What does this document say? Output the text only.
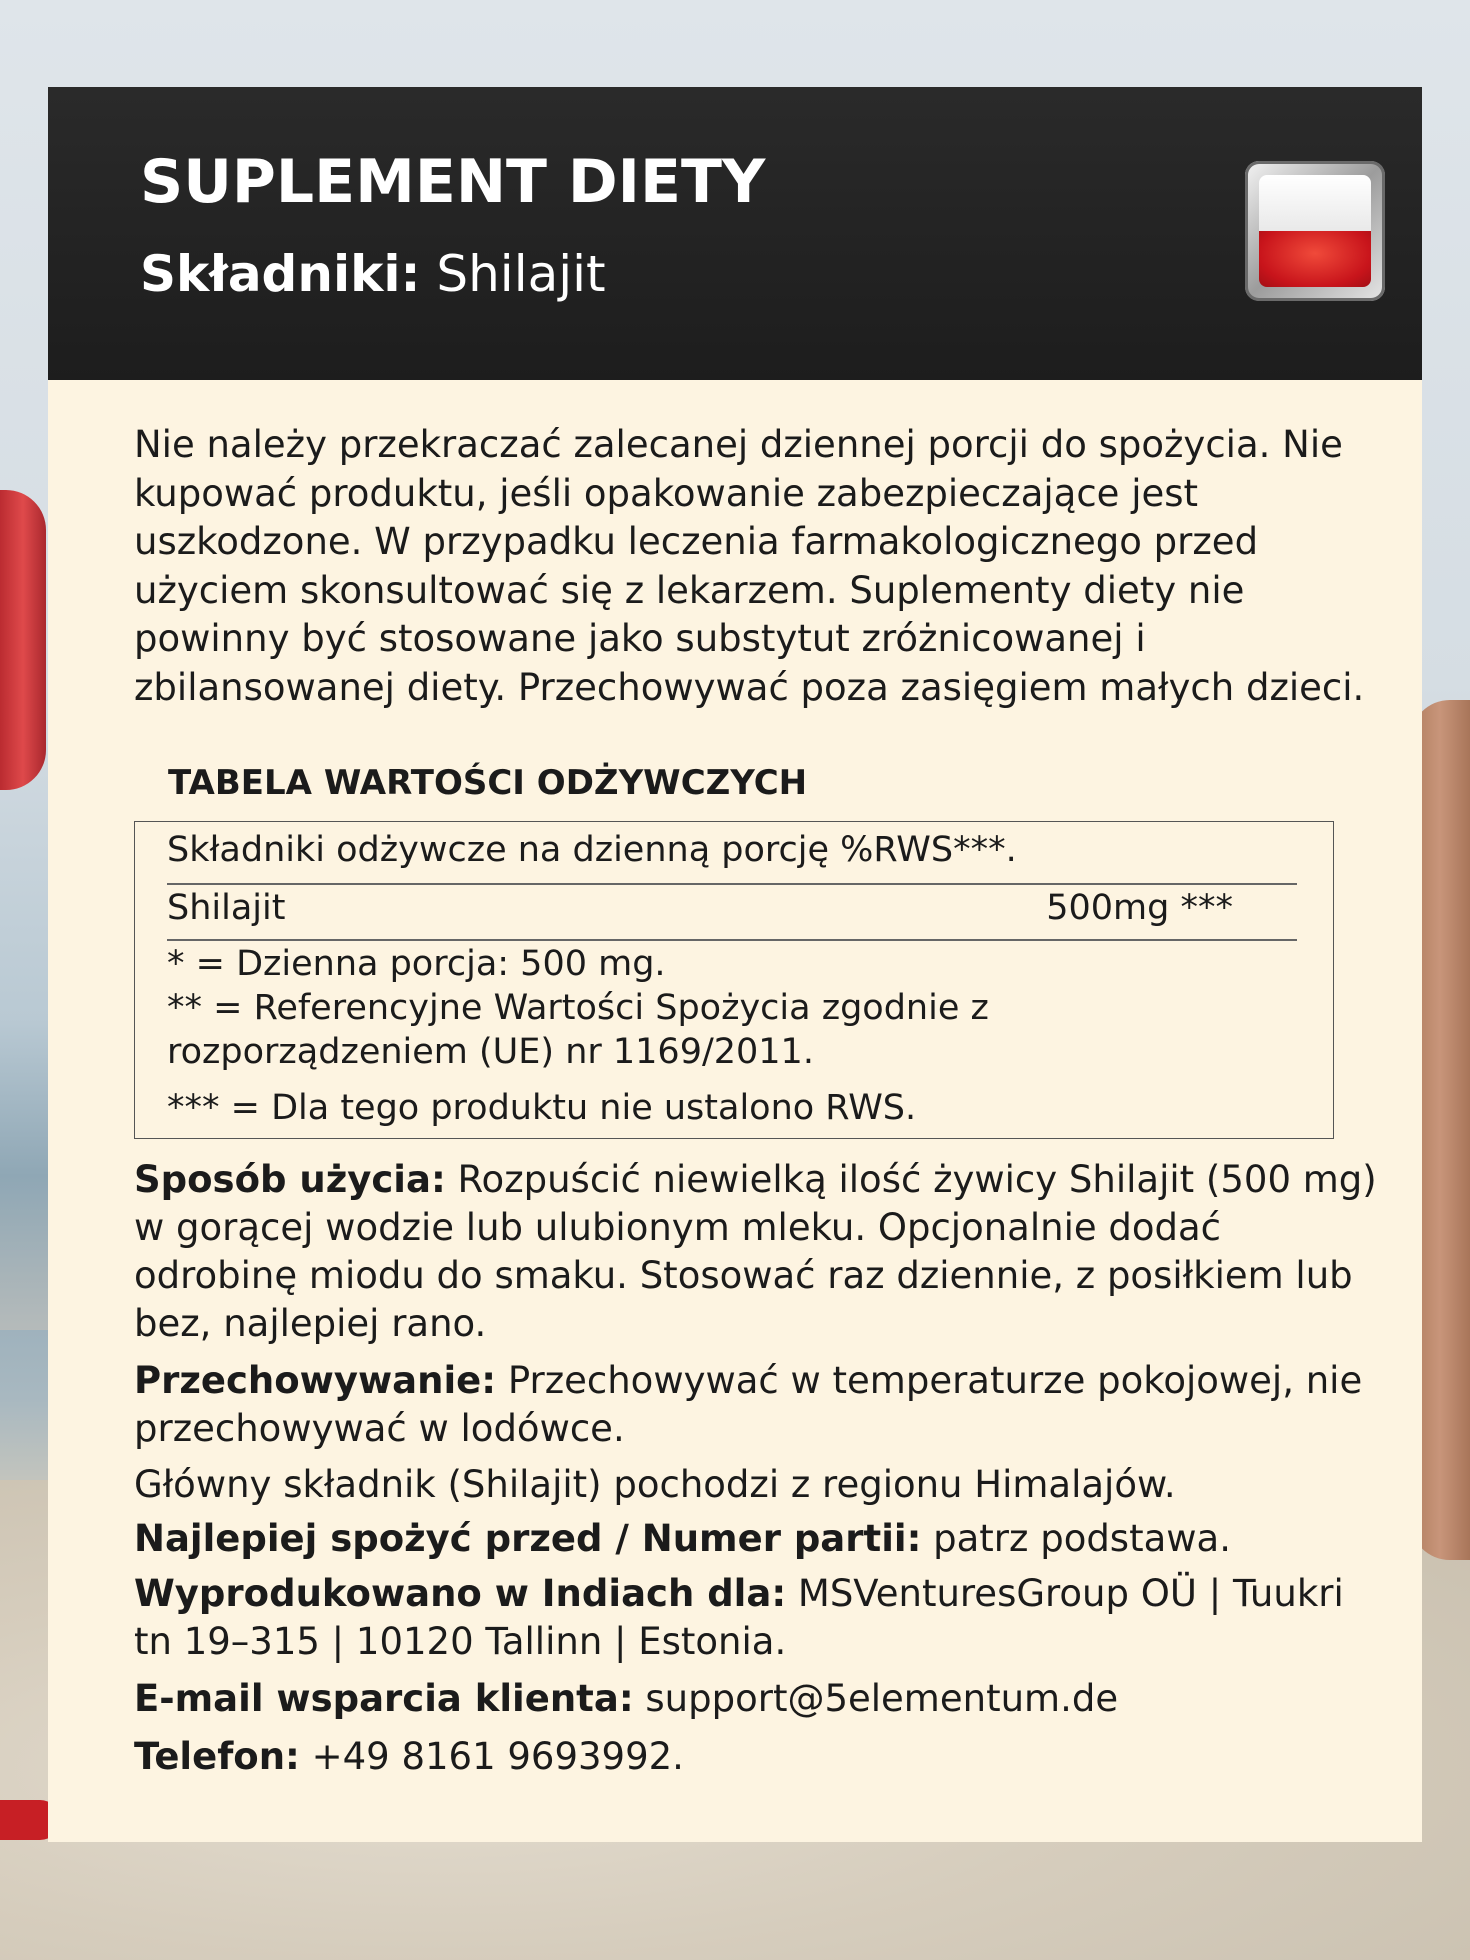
SUPLEMENT DIETY
Składniki: Shilajit
Nie należy przekraczać zalecanej dziennej porcji do spożycia. Nie kupować produktu, jeśli opakowanie zabezpieczające jest uszkodzone. W przypadku leczenia farmakologicznego przed użyciem skonsultować się z lekarzem. Suplementy diety nie powinny być stosowane jako substytut zróżnicowanej i zbilansowanej diety. Przechowywać poza zasięgiem małych dzieci.
TABELA WARTOŚCI ODŻYWCZYCH
Składniki odżywcze na dzienną porcję %RWS***.
Shilajit	500mg ***
* = Dzienna porcja: 500 mg.
** = Referencyjne Wartości Spożycia zgodnie z
rozporządzeniem (UE) nr 1169/2011.
*** = Dla tego produktu nie ustalono RWS.
Sposób użycia: Rozpuścić niewielką ilość żywicy Shilajit (500 mg) w gorącej wodzie lub ulubionym mleku. Opcjonalnie dodać odrobinę miodu do smaku. Stosować raz dziennie, z posiłkiem lub bez, najlepiej rano.
Przechowywanie: Przechowywać w temperaturze pokojowej, nie przechowywać w lodówce.
Główny składnik (Shilajit) pochodzi z regionu Himalajów.
Najlepiej spożyć przed / Numer partii: patrz podstawa.
Wyprodukowano w Indiach dla: MSVenturesGroup OÜ | Tuukri tn 19–315 | 10120 Tallinn | Estonia.
E-mail wsparcia klienta: support@5elementum.de
Telefon: +49 8161 9693992.
